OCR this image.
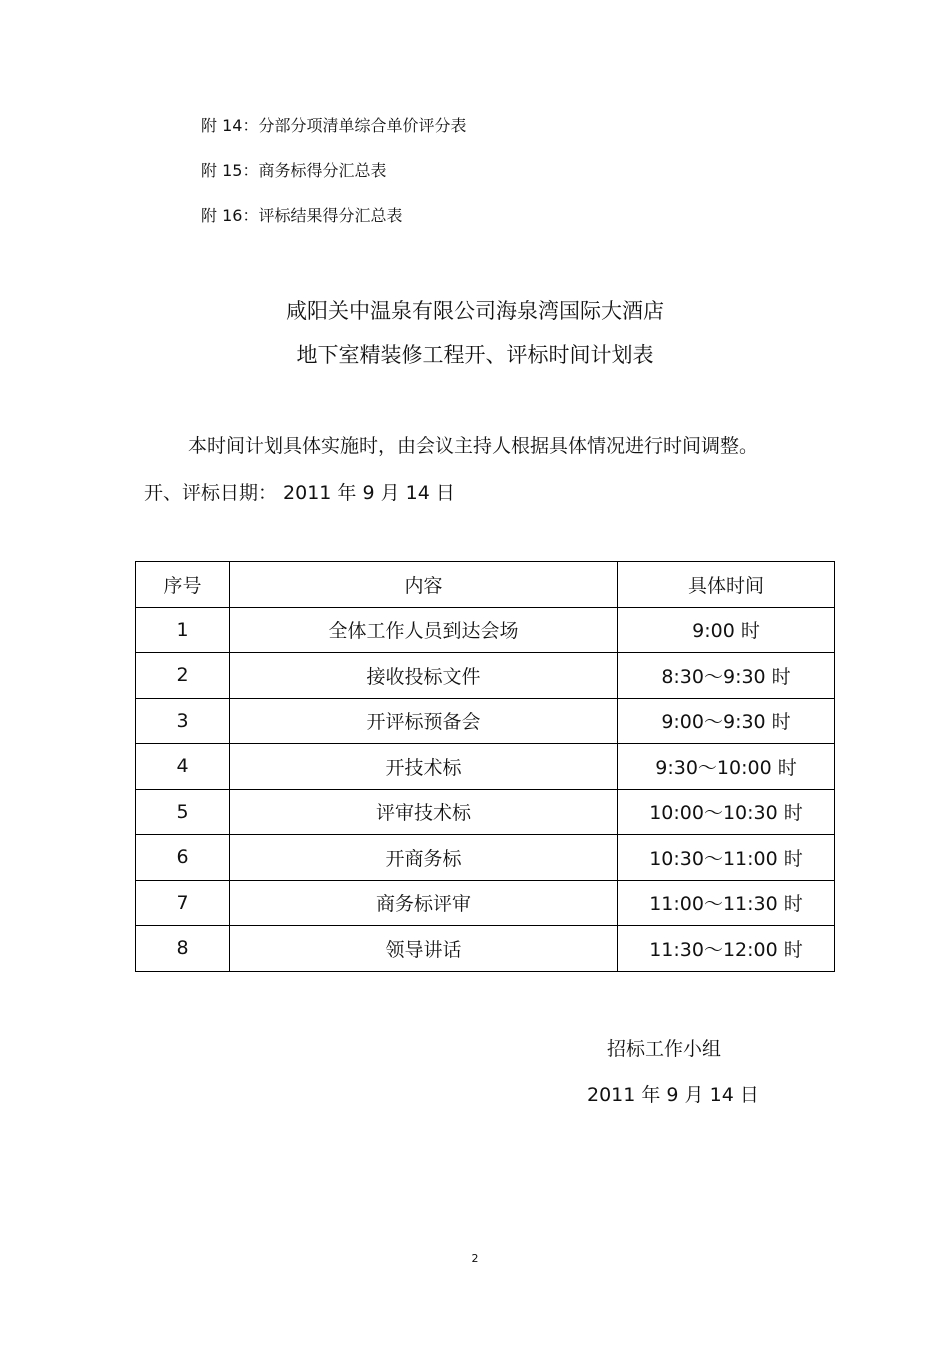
附 14：分部分项清单综合单价评分表
附 15：商务标得分汇总表
附 16：评标结果得分汇总表
咸阳关中温泉有限公司海泉湾国际大酒店
地下室精装修工程开、评标时间计划表
本时间计划具体实施时，由会议主持人根据具体情况进行时间调整。
开、评标日期： 2011 年 9 月 14 日
序号	内容	具体时间
1	全体工作人员到达会场	9:00 时
2	接收投标文件	8:30～9:30 时
3	开评标预备会	9:00～9:30 时
4	开技术标	9:30～10:00 时
5	评审技术标	10:00～10:30 时
6	开商务标	10:30～11:00 时
7	商务标评审	11:00～11:30 时
8	领导讲话	11:30～12:00 时
招标工作小组
2011 年 9 月 14 日
2
